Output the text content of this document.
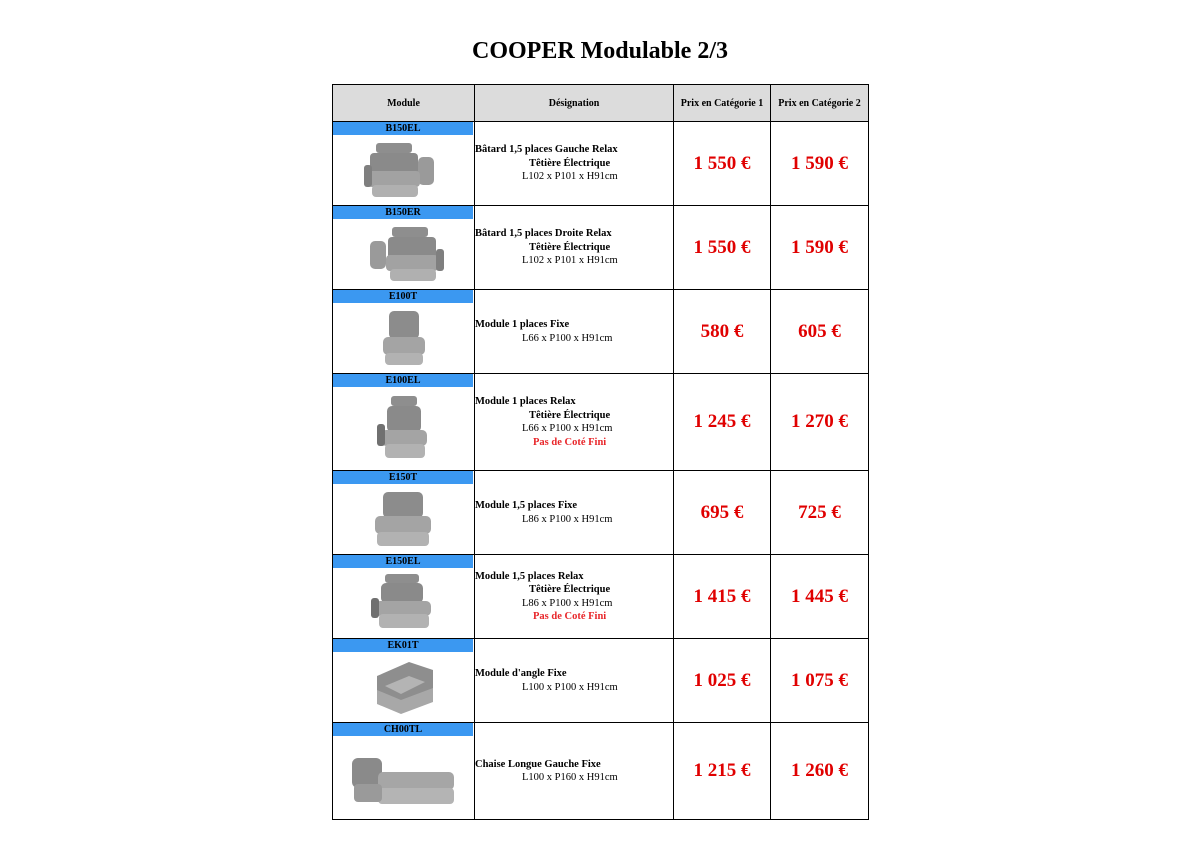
COOPER Modulable 2/3
Module	Désignation	Prix en Catégorie 1	Prix en Catégorie 2

B150EL	Bâtard 1,5 places Gauche Relax
Têtière Électrique
L102 x P101 x H91cm	1 550 €	1 590 €

B150ER	Bâtard 1,5 places Droite Relax
Têtière Électrique
L102 x P101 x H91cm	1 550 €	1 590 €

E100T	Module 1 places Fixe
L66 x P100 x H91cm	580 €	605 €

E100EL	Module 1 places Relax
Têtière Électrique
L66 x P100 x H91cm
Pas de Coté Fini	1 245 €	1 270 €

E150T	Module 1,5 places Fixe
L86 x P100 x H91cm	695 €	725 €

E150EL	Module 1,5 places Relax
Têtière Électrique
L86 x P100 x H91cm
Pas de Coté Fini	1 415 €	1 445 €

EK01T	Module d'angle Fixe
L100 x P100 x H91cm	1 025 €	1 075 €

CH00TL	Chaise Longue Gauche Fixe
L100 x P160 x H91cm	1 215 €	1 260 €
